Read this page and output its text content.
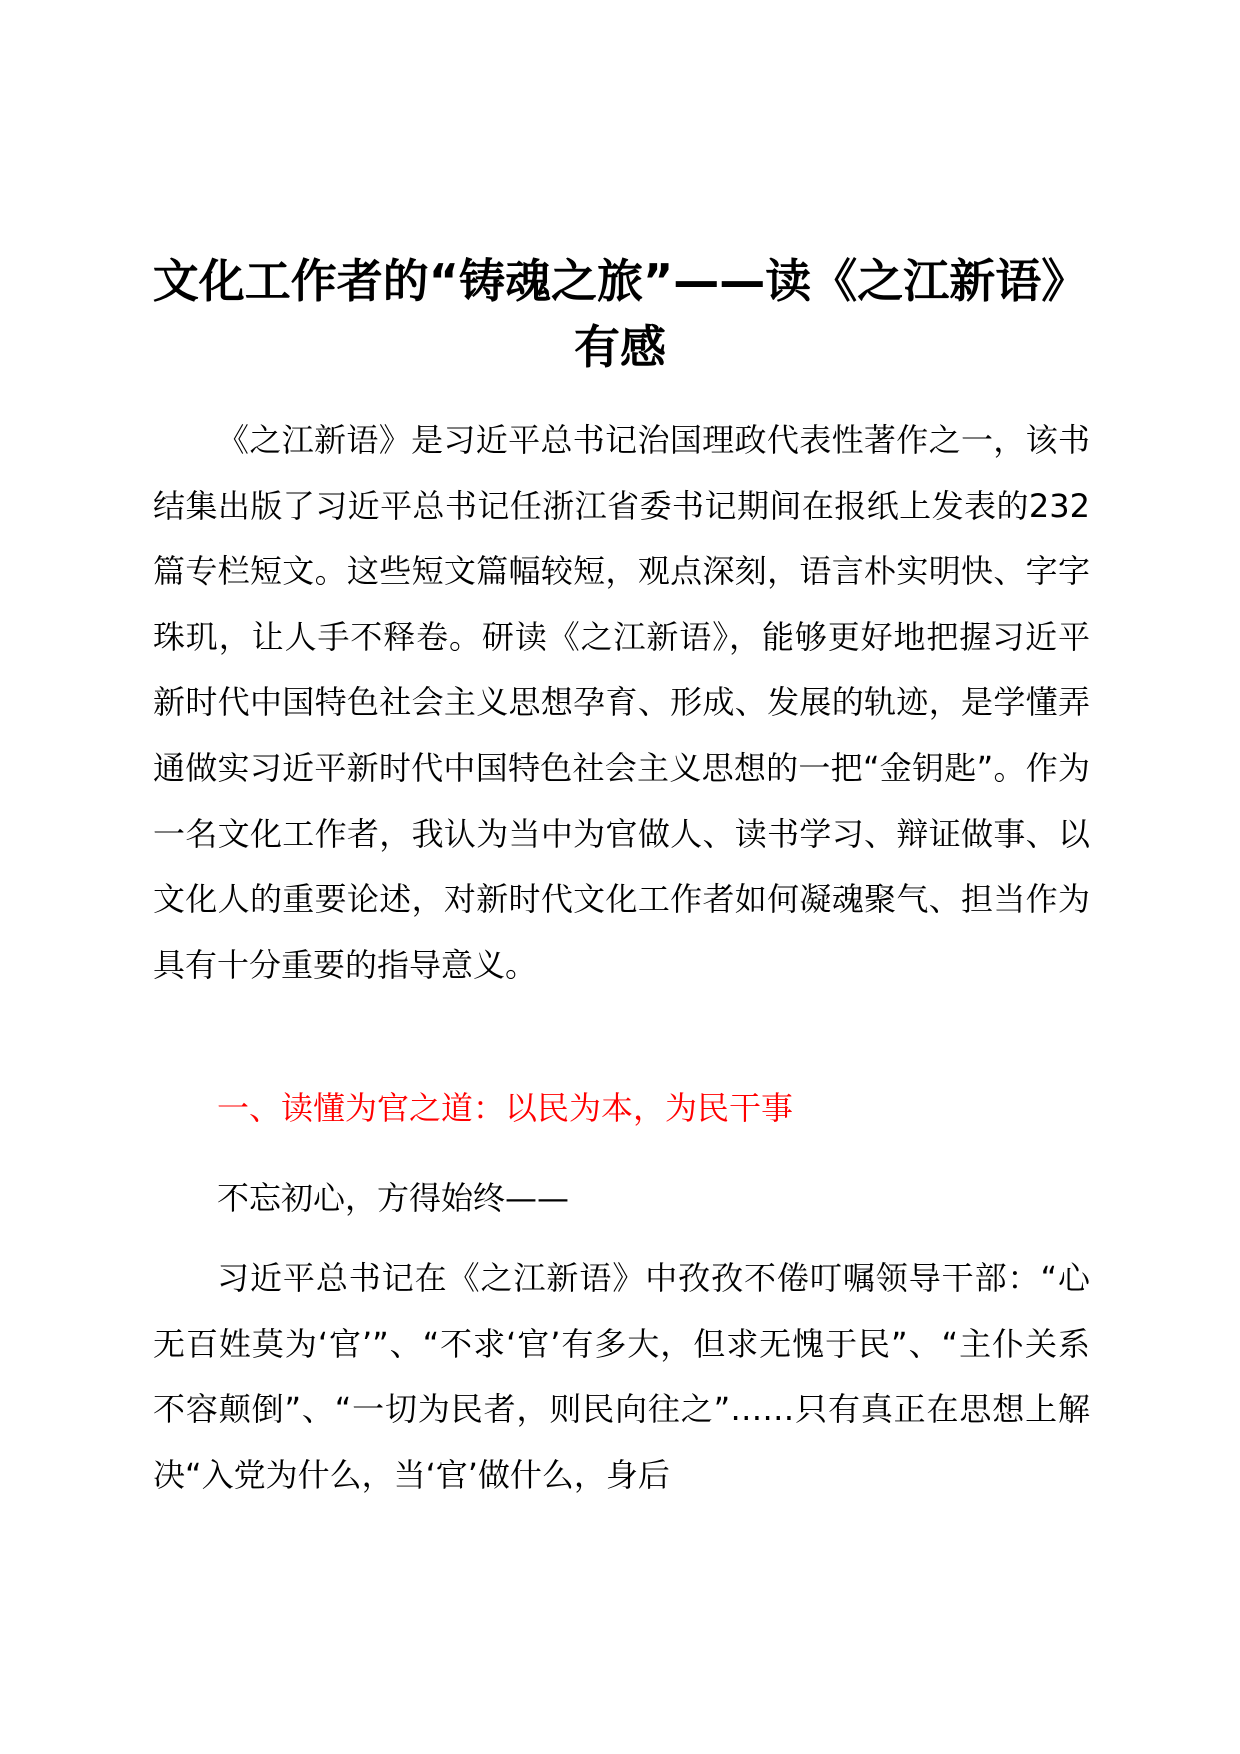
文化工作者的“铸魂之旅”——读《之江新语》有感

《之江新语》是习近平总书记治国理政代表性著作之一，该书结集出版了习近平总书记任浙江省委书记期间在报纸上发表的232篇专栏短文。这些短文篇幅较短，观点深刻，语言朴实明快、字字珠玑，让人手不释卷。研读《之江新语》，能够更好地把握习近平新时代中国特色社会主义思想孕育、形成、发展的轨迹，是学懂弄通做实习近平新时代中国特色社会主义思想的一把“金钥匙”。作为一名文化工作者，我认为当中为官做人、读书学习、辩证做事、以文化人的重要论述，对新时代文化工作者如何凝魂聚气、担当作为具有十分重要的指导意义。

一、读懂为官之道：以民为本，为民干事

不忘初心，方得始终——

习近平总书记在《之江新语》中孜孜不倦叮嘱领导干部：“心无百姓莫为‘官’”、“不求‘官’有多大，但求无愧于民”、“主仆关系不容颠倒”、“一切为民者，则民向往之”……只有真正在思想上解决“入党为什么，当‘官’做什么，身后
